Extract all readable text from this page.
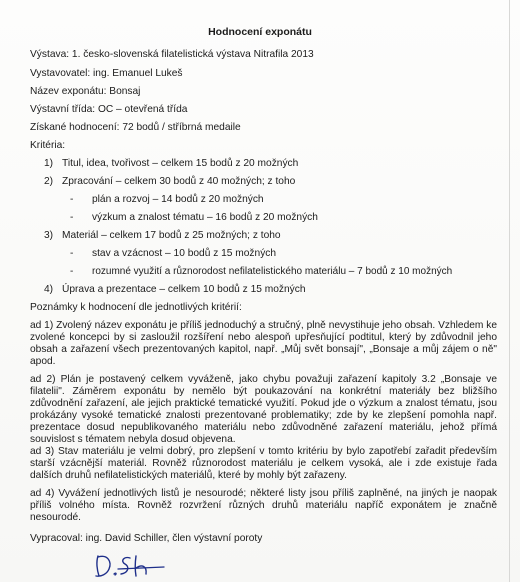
Hodnocení exponátu
Výstava: 1. česko-slovenská filatelistická výstava Nitrafila 2013
Vystavovatel: ing. Emanuel Lukeš
Název exponátu: Bonsaj
Výstavní třída: OC – otevřená třída
Získané hodnocení: 72 bodů / stříbrná medaile
Kritéria:
1) Titul, idea, tvořivost – celkem 15 bodů z 20 možných
2) Zpracování – celkem 30 bodů z 40 možných; z toho
- plán a rozvoj – 14 bodů z 20 možných
- výzkum a znalost tématu – 16 bodů z 20 možných
3) Materiál – celkem 17 bodů z 25 možných; z toho
- stav a vzácnost – 10 bodů z 15 možných
- rozumné využití a různorodost nefilatelistického materiálu – 7 bodů z 10 možných
4) Úprava a prezentace – celkem 10 bodů z 15 možných
Poznámky k hodnocení dle jednotlivých kritérií:

ad 1) Zvolený název exponátu je příliš jednoduchý a stručný, plně nevystihuje jeho obsah. Vzhledem ke zvolené koncepci by si zasloužil rozšíření nebo alespoň upřesňující podtitul, který by zdůvodnil jeho obsah a zařazení všech prezentovaných kapitol, např. „Můj svět bonsají", „Bonsaje a můj zájem o ně" apod.

ad 2) Plán je postavený celkem vyváženě, jako chybu považuji zařazení kapitoly 3.2 „Bonsaje ve filatelii". Záměrem exponátu by nemělo být poukazování na konkrétní materiály bez bližšího zdůvodnění zařazení, ale jejich praktické tematické využití. Pokud jde o výzkum a znalost tématu, jsou prokázány vysoké tematické znalosti prezentované problematiky; zde by ke zlepšení pomohla např. prezentace dosud nepublikovaného materiálu nebo zdůvodněné zařazení materiálu, jehož přímá souvislost s tématem nebyla dosud objevena.

ad 3) Stav materiálu je velmi dobrý, pro zlepšení v tomto kritériu by bylo zapotřebí zařadit především starší vzácnější materiál. Rovněž různorodost materiálu je celkem vysoká, ale i zde existuje řada dalších druhů nefilatelistických materiálů, které by mohly být zařazeny.

ad 4) Vyvážení jednotlivých listů je nesourodé; některé listy jsou příliš zaplněné, na jiných je naopak příliš volného místa. Rovněž rozvržení různých druhů materiálu napříč exponátem je značně nesourodé.

Vypracoval: ing. David Schiller, člen výstavní poroty
